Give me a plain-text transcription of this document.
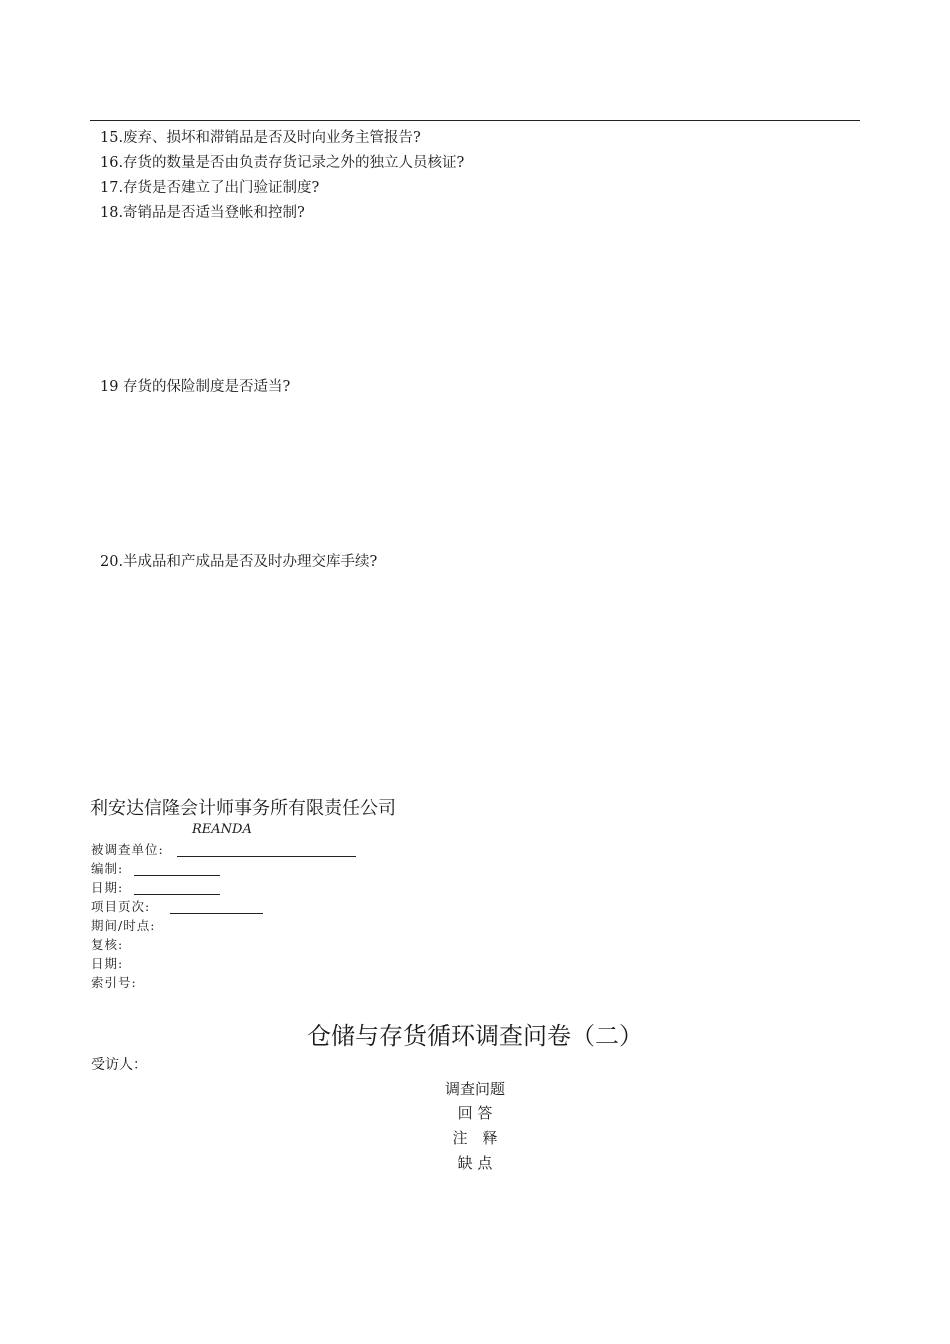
15.废弃、损坏和滞销品是否及时向业务主管报告?
16.存货的数量是否由负责存货记录之外的独立人员核证?
17.存货是否建立了出门验证制度?
18.寄销品是否适当登帐和控制?
19 存货的保险制度是否适当?
20.半成品和产成品是否及时办理交库手续?
利安达信隆会计师事务所有限责任公司
REANDA
被调查单位:
编制:
日期:
项目页次:
期间/时点:
复核:
日期:
索引号:
仓储与存货循环调查问卷（二）
受访人：
调查问题
回 答
注　释
缺 点
